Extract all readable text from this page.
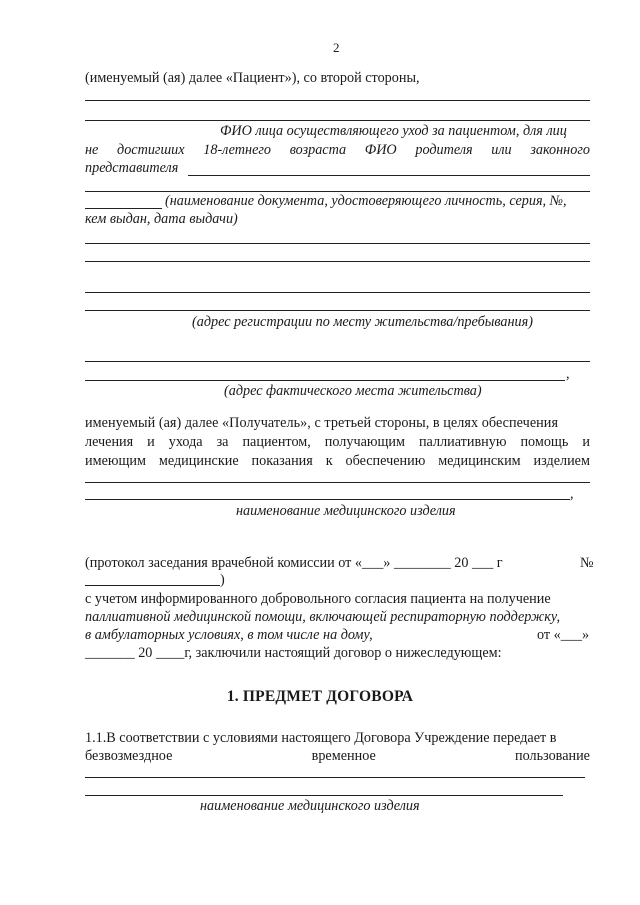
2
(именуемый (ая) далее «Пациент»), со второй стороны,
ФИО лица осуществляющего уход за пациентом, для лиц
не достигших 18-летнего возраста ФИО родителя или законного
представителя
(наименование документа, удостоверяющего личность, серия, №,
кем выдан, дата выдачи)
(адрес регистрации по месту жительства/пребывания)
,
(адрес фактического места жительства)
именуемый (ая) далее «Получатель», с третьей стороны, в целях обеспечения
лечения и ухода за пациентом, получающим паллиативную помощь и
имеющим медицинские показания к обеспечению медицинским изделием
,
наименование медицинского изделия
(протокол заседания врачебной комиссии от «___» ________ 20 ___ г	№
)
с учетом информированного добровольного согласия пациента на получение
паллиативной медицинской помощи, включающей респираторную поддержку,
в амбулаторных условиях, в том числе на дому,	от «___»
_______ 20 ____г, заключили настоящий договор о нижеследующем:
1. ПРЕДМЕТ ДОГОВОРА
1.1.В соответствии с условиями настоящего Договора Учреждение передает в
безвозмездное	временное	пользование
наименование медицинского изделия
